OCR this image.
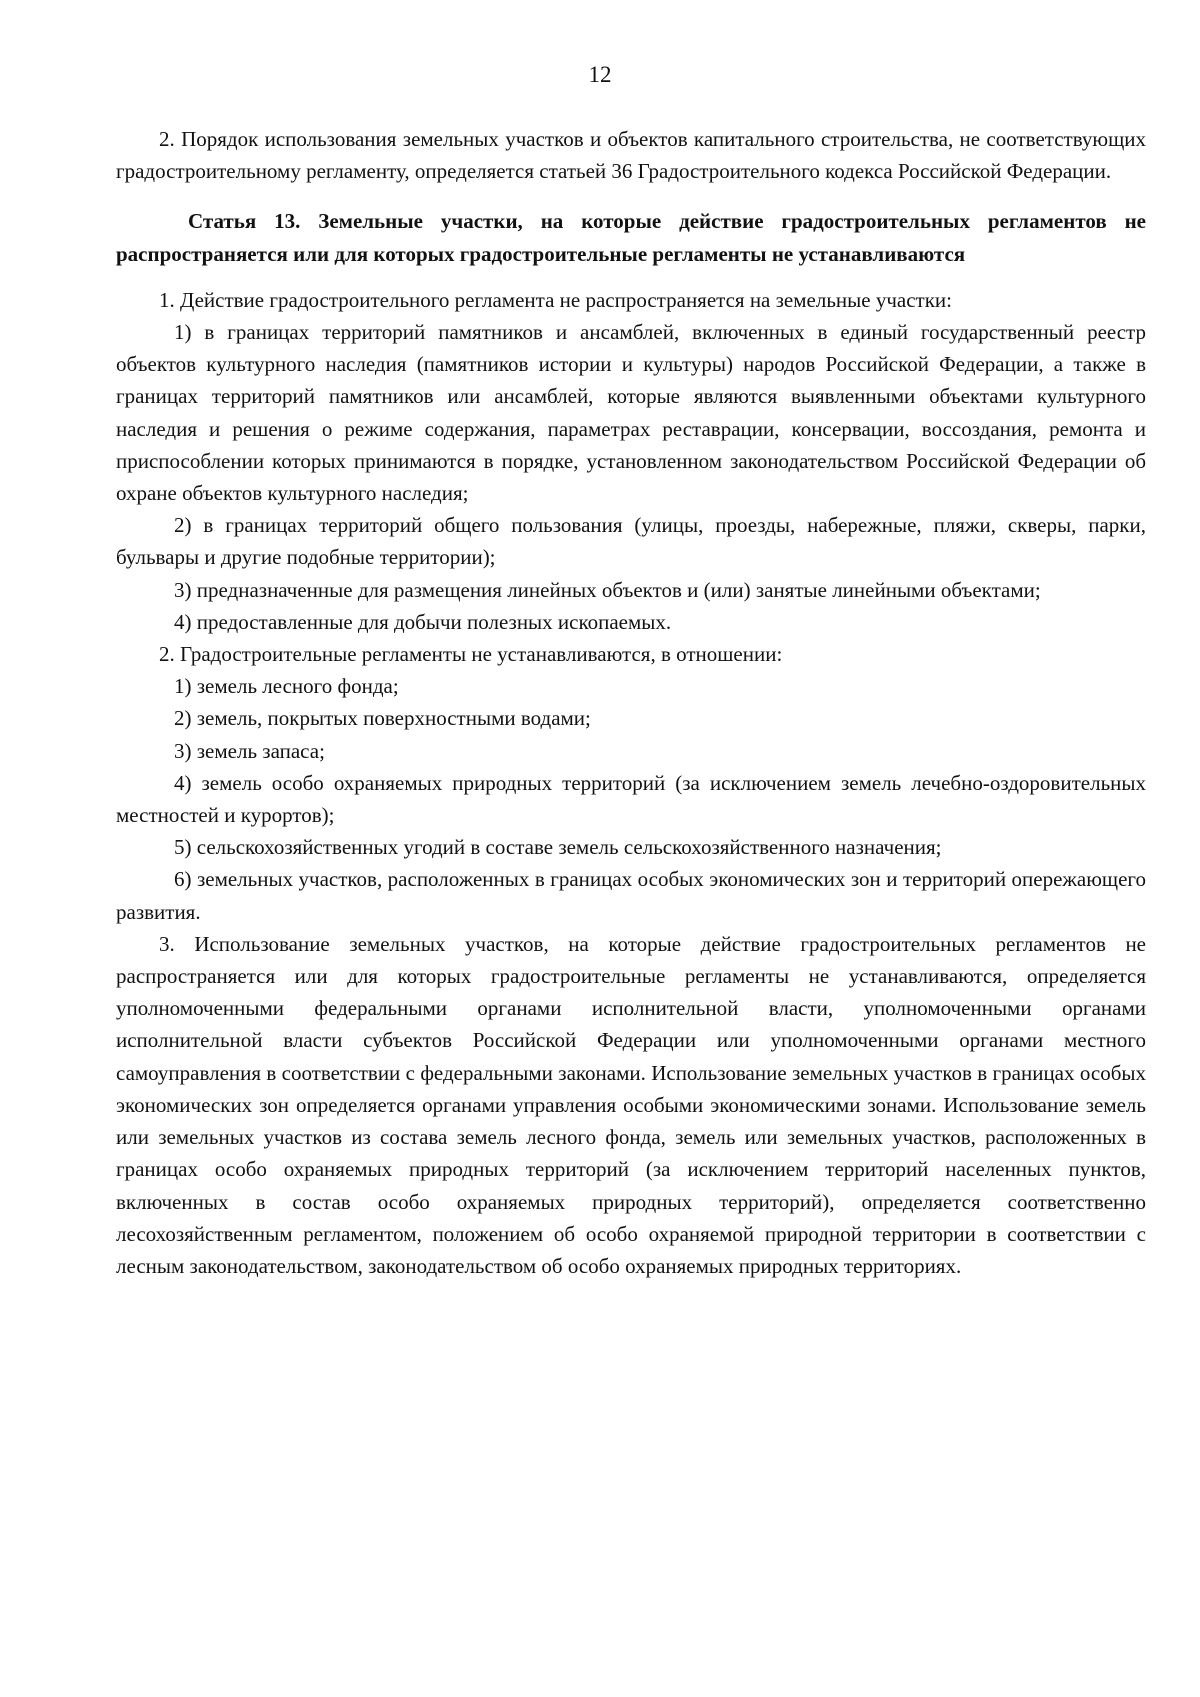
12

2. Порядок использования земельных участков и объектов капитального строительства, не соответствующих градостроительному регламенту, определяется статьей 36 Градостроительного кодекса Российской Федерации.

Статья 13. Земельные участки, на которые действие градостроительных регламентов не распространяется или для которых градостроительные регламенты не устанавливаются

1. Действие градостроительного регламента не распространяется на земельные участки:

1) в границах территорий памятников и ансамблей, включенных в единый государственный реестр объектов культурного наследия (памятников истории и культуры) народов Российской Федерации, а также в границах территорий памятников или ансамблей, которые являются выявленными объектами культурного наследия и решения о режиме содержания, параметрах реставрации, консервации, воссоздания, ремонта и приспособлении которых принимаются в порядке, установленном законодательством Российской Федерации об охране объектов культурного наследия;

2) в границах территорий общего пользования (улицы, проезды, набережные, пляжи, скверы, парки, бульвары и другие подобные территории);

3) предназначенные для размещения линейных объектов и (или) занятые линейными объектами;

4) предоставленные для добычи полезных ископаемых.

2. Градостроительные регламенты не устанавливаются, в отношении:

1) земель лесного фонда;

2) земель, покрытых поверхностными водами;

3) земель запаса;

4) земель особо охраняемых природных территорий (за исключением земель лечебно-оздоровительных местностей и курортов);

5) сельскохозяйственных угодий в составе земель сельскохозяйственного назначения;

6) земельных участков, расположенных в границах особых экономических зон и территорий опережающего развития.

3. Использование земельных участков, на которые действие градостроительных регламентов не распространяется или для которых градостроительные регламенты не устанавливаются, определяется уполномоченными федеральными органами исполнительной власти, уполномоченными органами исполнительной власти субъектов Российской Федерации или уполномоченными органами местного самоуправления в соответствии с федеральными законами. Использование земельных участков в границах особых экономических зон определяется органами управления особыми экономическими зонами. Использование земель или земельных участков из состава земель лесного фонда, земель или земельных участков, расположенных в границах особо охраняемых природных территорий (за исключением территорий населенных пунктов, включенных в состав особо охраняемых природных территорий), определяется соответственно лесохозяйственным регламентом, положением об особо охраняемой природной территории в соответствии с лесным законодательством, законодательством об особо охраняемых природных территориях.
